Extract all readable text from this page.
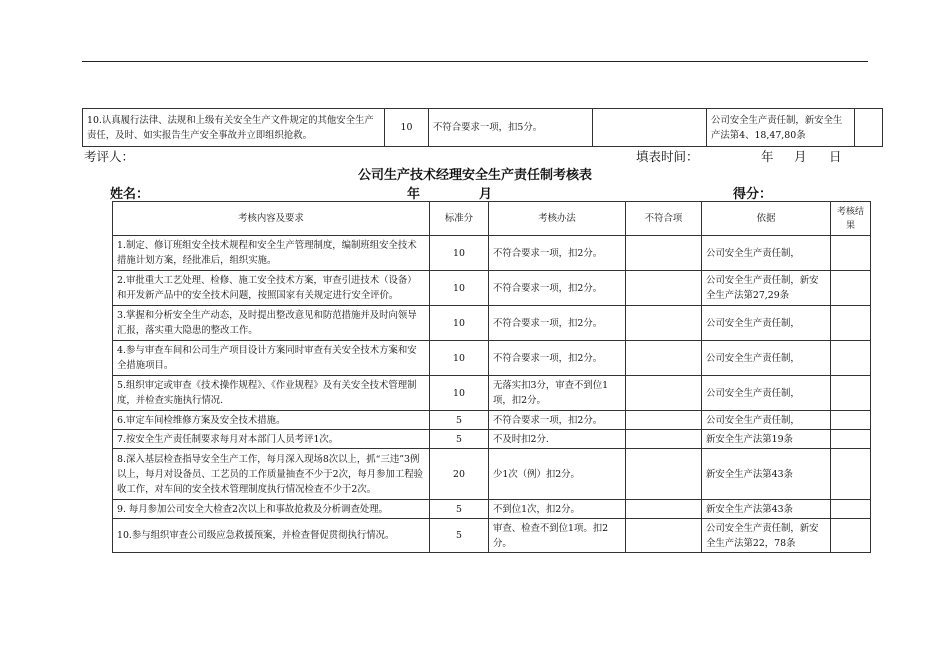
10.认真履行法律、法规和上级有关安全生产文件规定的其他安全生产责任，及时、如实报告生产安全事故并立即组织抢救。	10	不符合要求一项，扣5分。		公司安全生产责任制，新安全生产法第4、18,47,80条	
考评人：	填表时间：	年 月 日
公司生产技术经理安全生产责任制考核表
姓名：	年	月	得分：
考核内容及要求	标准分	考核办法	不符合项	依据	考核结果
1.制定、修订班组安全技术规程和安全生产管理制度，编制班组安全技术措施计划方案，经批准后，组织实施。	10	不符合要求一项，扣2分。		公司安全生产责任制，	
2.审批重大工艺处理、检修、施工安全技术方案，审查引进技术（设备）和开发新产品中的安全技术问题，按照国家有关规定进行安全评价。	10	不符合要求一项，扣2分。		公司安全生产责任制，新安全生产法第27,29条	
3.掌握和分析安全生产动态，及时提出整改意见和防范措施并及时向领导汇报，落实重大隐患的整改工作。	10	不符合要求一项，扣2分。		公司安全生产责任制，	
4.参与审查车间和公司生产项目设计方案同时审查有关安全技术方案和安全措施项目。	10	不符合要求一项，扣2分。		公司安全生产责任制，	
5.组织审定或审查《技术操作规程》、《作业规程》及有关安全技术管理制度，并检查实施执行情况.	10	无落实扣3分，审查不到位1项，扣2分。		公司安全生产责任制，	
6.审定车间检维修方案及安全技术措施。	5	不符合要求一项，扣2分。		公司安全生产责任制，	
7.按安全生产责任制要求每月对本部门人员考评1次。	5	不及时扣2分.		新安全生产法第19条	
8.深入基层检查指导安全生产工作，每月深入现场8次以上，抓“三违”3例以上，每月对设备员、工艺员的工作质量抽查不少于2次，每月参加工程验收工作，对车间的安全技术管理制度执行情况检查不少于2次。	20	少1次（例）扣2分。		新安全生产法第43条	
9. 每月参加公司安全大检查2次以上和事故抢救及分析调查处理。	5	不到位1次，扣2分。		新安全生产法第43条	
10.参与组织审查公司级应急救援预案，并检查督促贯彻执行情况。	5	审查、检查不到位1项。扣2分。		公司安全生产责任制，新安全生产法第22，78条	
